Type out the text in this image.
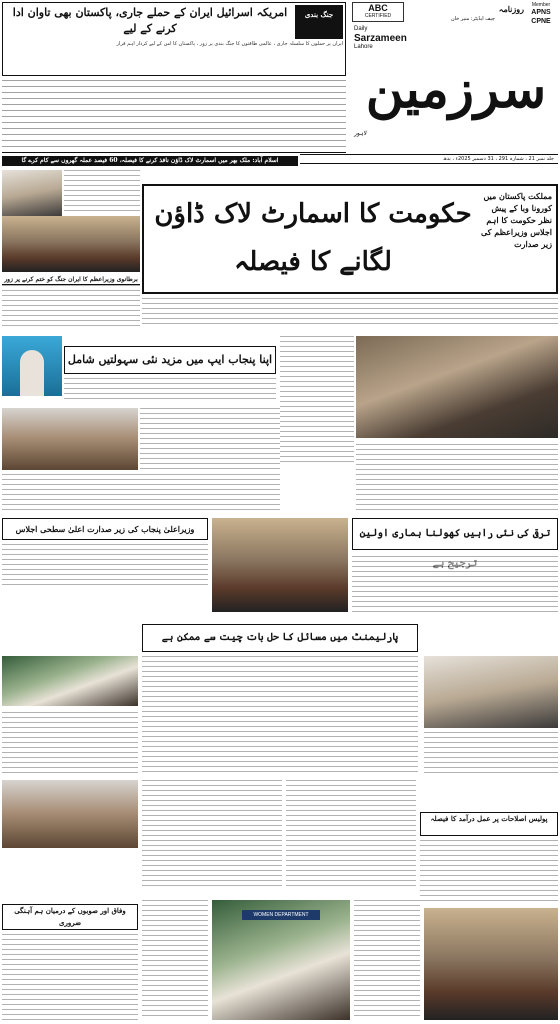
جنگ بندی
امریکہ اسرائیل ایران کے حملے جاری، پاکستان بھی تاوان ادا کرنے کے لیے
ایران پر حملوں کا سلسلہ جاری ، عالمی طاقتوں کا جنگ بندی پر زور ، پاکستان کا امن کے لیے کردار اہم قرار
ABC
CERTIFIED
Member
APNS
CPNE
Daily
Sarzameen
Lahore
روزنامہ
چیف ایڈیٹر: منیر خان
سرزمین
لاہور
جلد نمبر 21 ، شمارہ 291 ، 31 دسمبر 2025ء ، بدھ
اسلام آباد: ملک بھر میں اسمارٹ لاک ڈاؤن نافذ کرنے کا فیصلہ، 60 فیصد عملہ گھروں سے کام کرے گا
برطانوی وزیراعظم کا ایران جنگ کو ختم کرنے پر زور
حکومت کا اسمارٹ لاک ڈاؤن لگانے کا فیصلہ
مملکت پاکستان میں کورونا وبا کے پیش نظر حکومت کا اہم اجلاس وزیراعظم کی زیر صدارت
اپنا پنجاب ایپ میں مزید نئی سہولتیں شامل
وزیراعلیٰ پنجاب کی زیر صدارت اعلیٰ سطحی اجلاس	ترقی کی نئی راہیں کھولنا ہماری اولین
پارلیمنٹ میں مسائل کا حل بات چیت سے ممکن ہے
پولیس اصلاحات پر عمل درآمد کا فیصلہ
وفاق اور صوبوں کے درمیان ہم آہنگی ضروری
WOMEN DEPARTMENT
